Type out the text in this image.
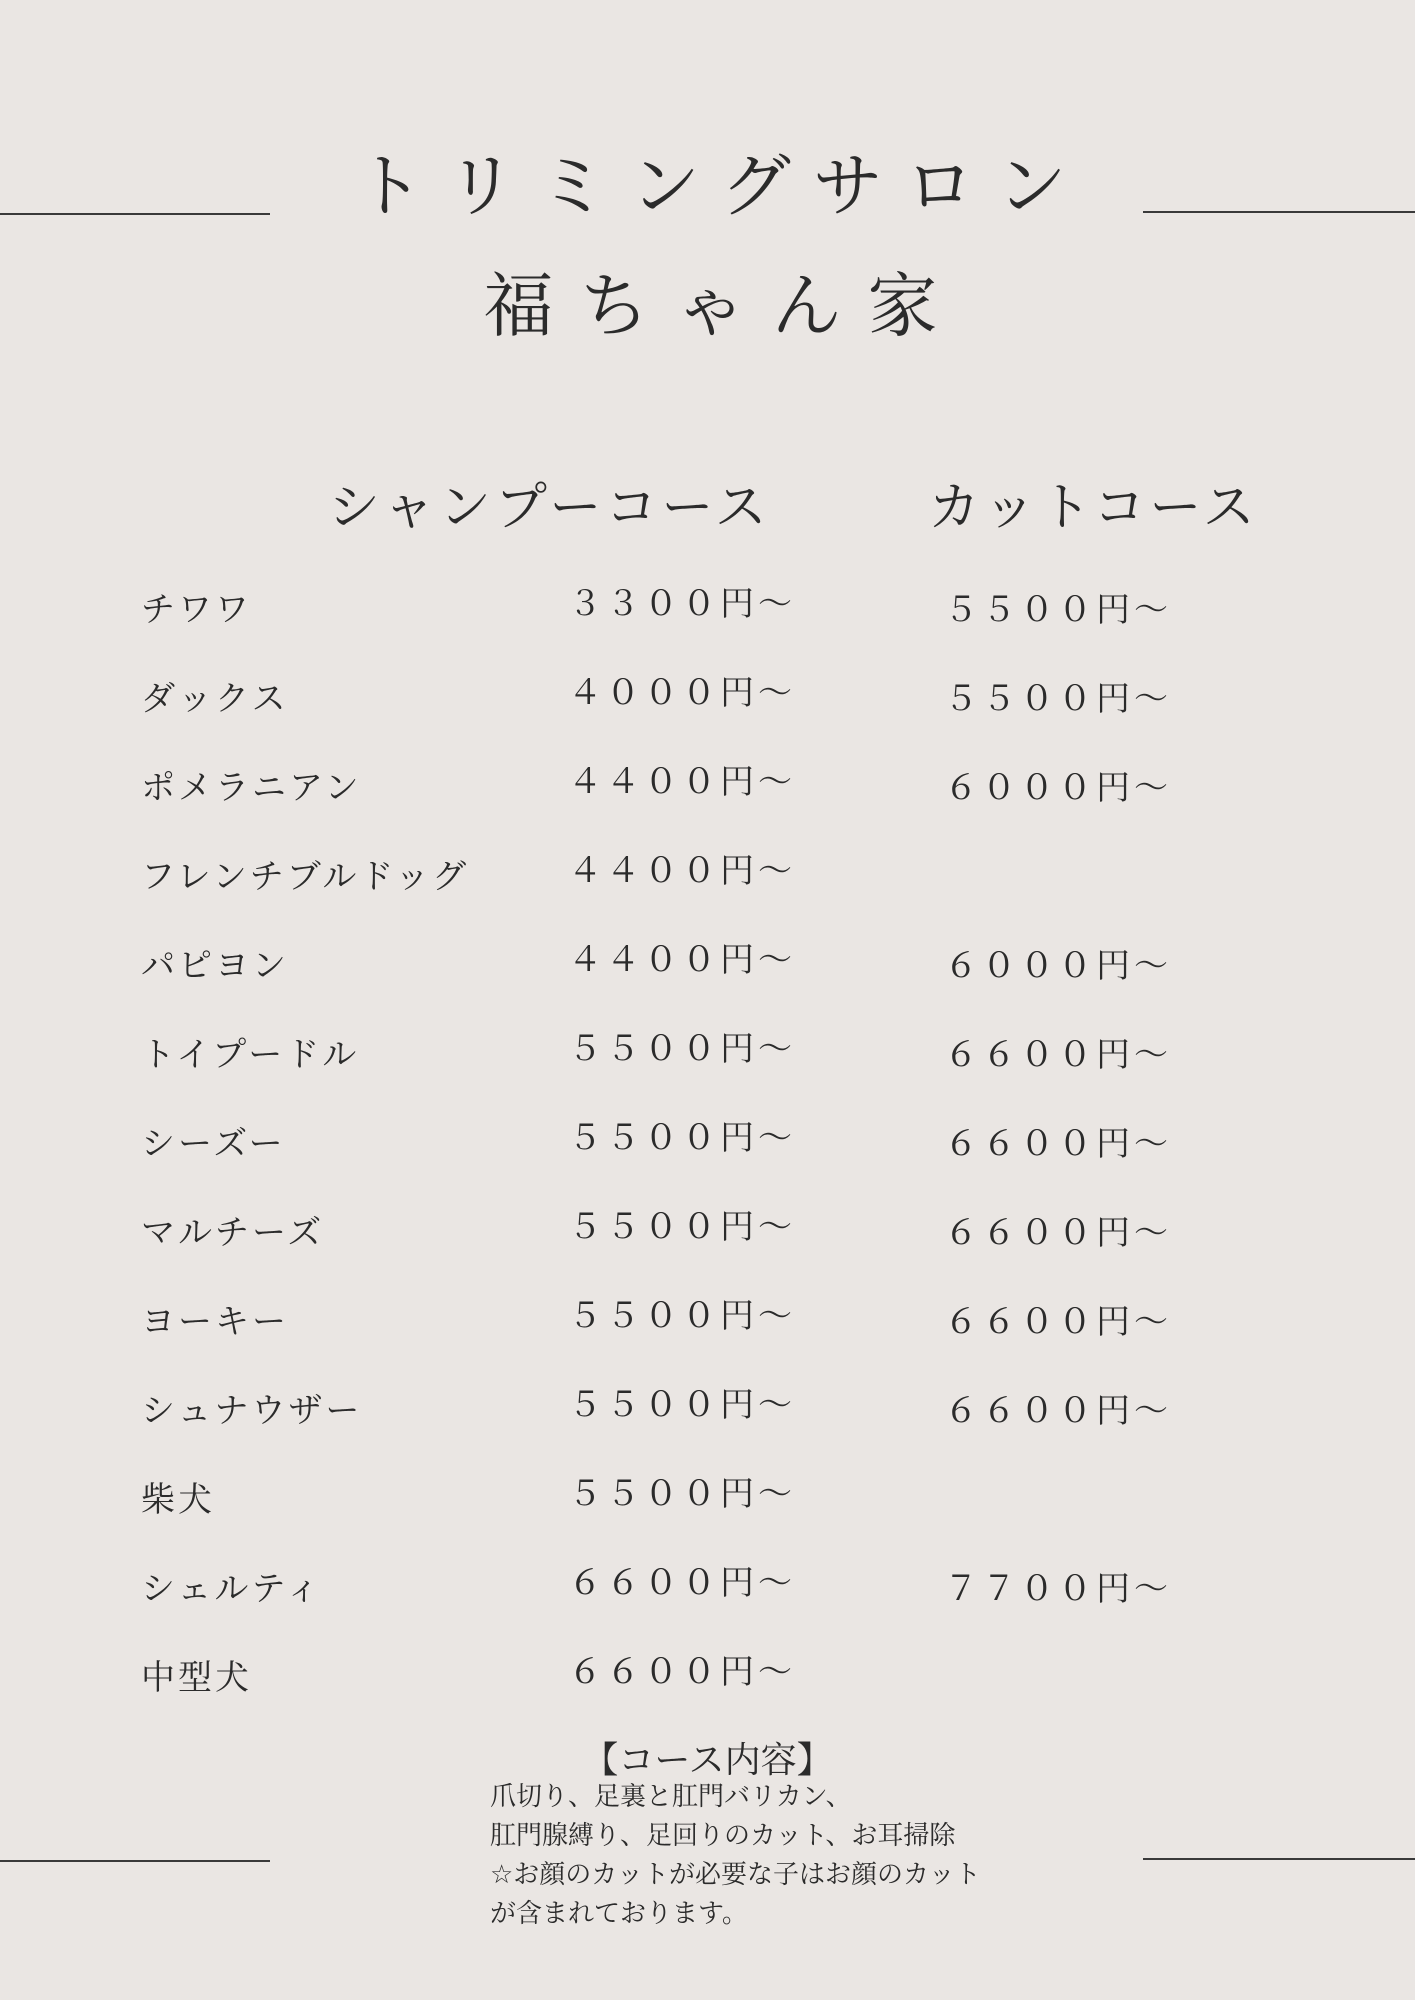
トリミングサロン
福ちゃん家
シャンプーコース	カットコース
チワワ	３３００円～	５５００円～
ダックス	４０００円～	５５００円～
ポメラニアン	４４００円～	６０００円～
フレンチブルドッグ	４４００円～
パピヨン	４４００円～	６０００円～
トイプードル	５５００円～	６６００円～
シーズー	５５００円～	６６００円～
マルチーズ	５５００円～	６６００円～
ヨーキー	５５００円～	６６００円～
シュナウザー	５５００円～	６６００円～
柴犬	５５００円～
シェルティ	６６００円～	７７００円～
中型犬	６６００円～
【コース内容】
爪切り、足裏と肛門バリカン、
肛門腺縛り、足回りのカット、お耳掃除
☆お顔のカットが必要な子はお顔のカット
が含まれております。
